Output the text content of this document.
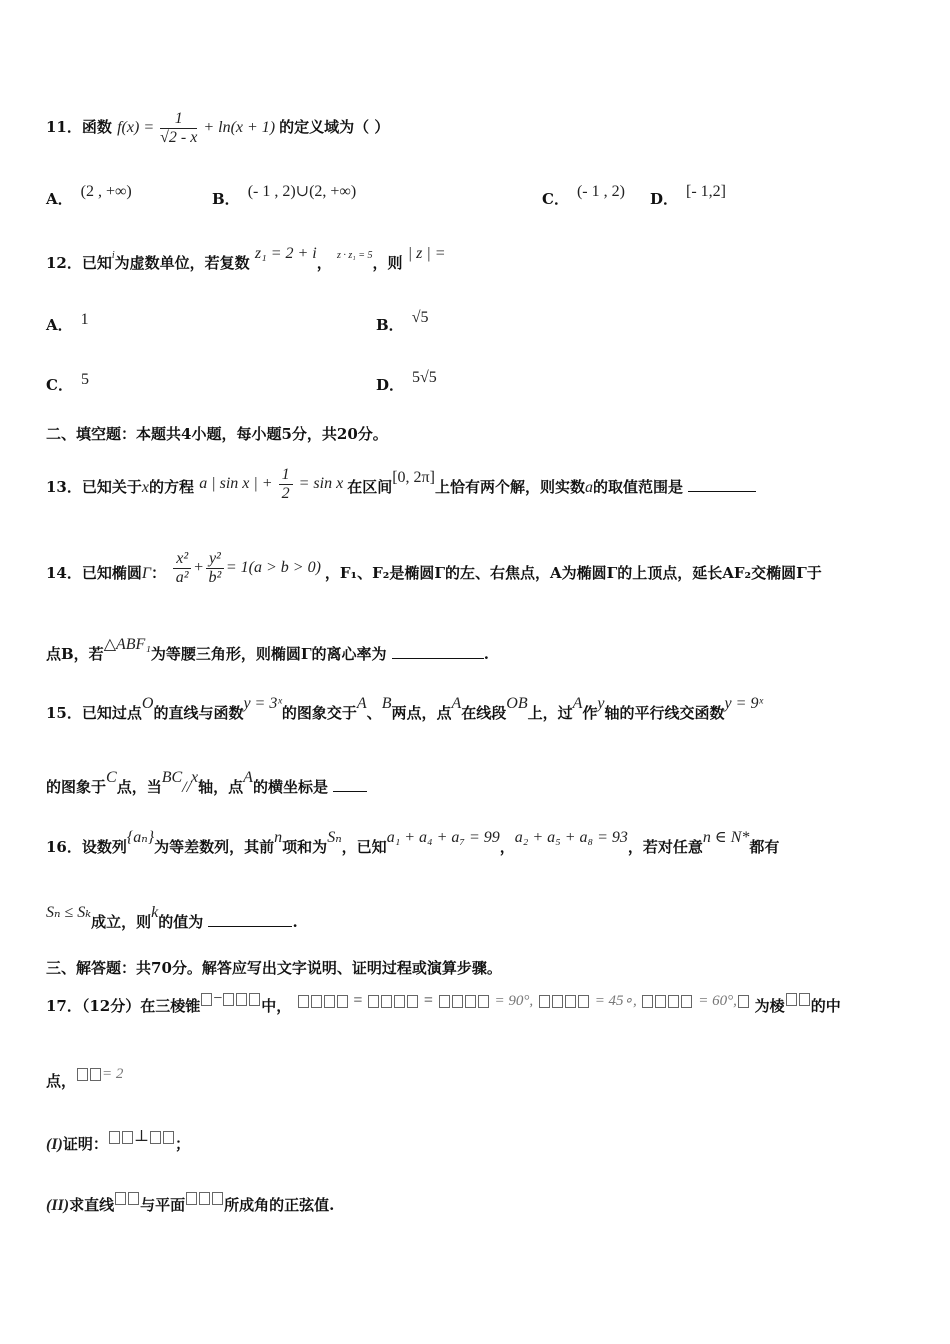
11．函数 $f(x) = \frac{1}{√2 - x} + \ln(x + 1)$ 的定义域为（ ）
A． (2 , +∞)	B． (- 1 , 2)∪(2, +∞)	C． (- 1 , 2) D． [- 1,2]
12．已知$^i$为虚数单位，若复数 z₁ = 2 + i， $^{z \cdot z_1 = 5}$，则 | z | =
A． 1	B． √5
C． 5	D． 5√5
二、填空题：本题共4小题，每小题5分，共20分。
13．已知关于x的方程 a | sin x | + $\frac{1}{2} = \sin x$ 在区间[0, 2π]上恰有两个解，则实数a的取值范围是
14．已知椭圆Γ： $\frac{\text{x²}}{\text{a²}} + \frac{\text{y²}}{\text{b²}} = 1(a > b > 0)$ ，F₁、F₂是椭圆Γ的左、右焦点，A为椭圆Γ的上顶点，延长AF₂交椭圆Γ于
点B，若△ABF₁为等腰三角形，则椭圆Γ的离心率为	.
15．已知过点O的直线与函数y = 3ˣ的图象交于A、B两点，点A在线段OB上，过A作y轴的平行线交函数y = 9ˣ
的图象于C点，当BC//x轴，点A的横坐标是
16．设数列{aₙ}为等差数列，其前n项和为Sₙ，已知a₁ + a₄ + a₇ = 99，a₂ + a₅ + a₈ = 93，若对任意n ∈ N*都有
Sₙ ≤ Sₖ成立，则k的值为	.
三、解答题：共70分。解答应写出文字说明、证明过程或演算步骤。
17．（12分）在三棱锥 −	中，	=	=	= 90°,	= 45∘,	= 60°, 为棱 的中
点， = 2
(I)证明： ⊥ ；
(II)求直线 与平面	所成角的正弦值.
